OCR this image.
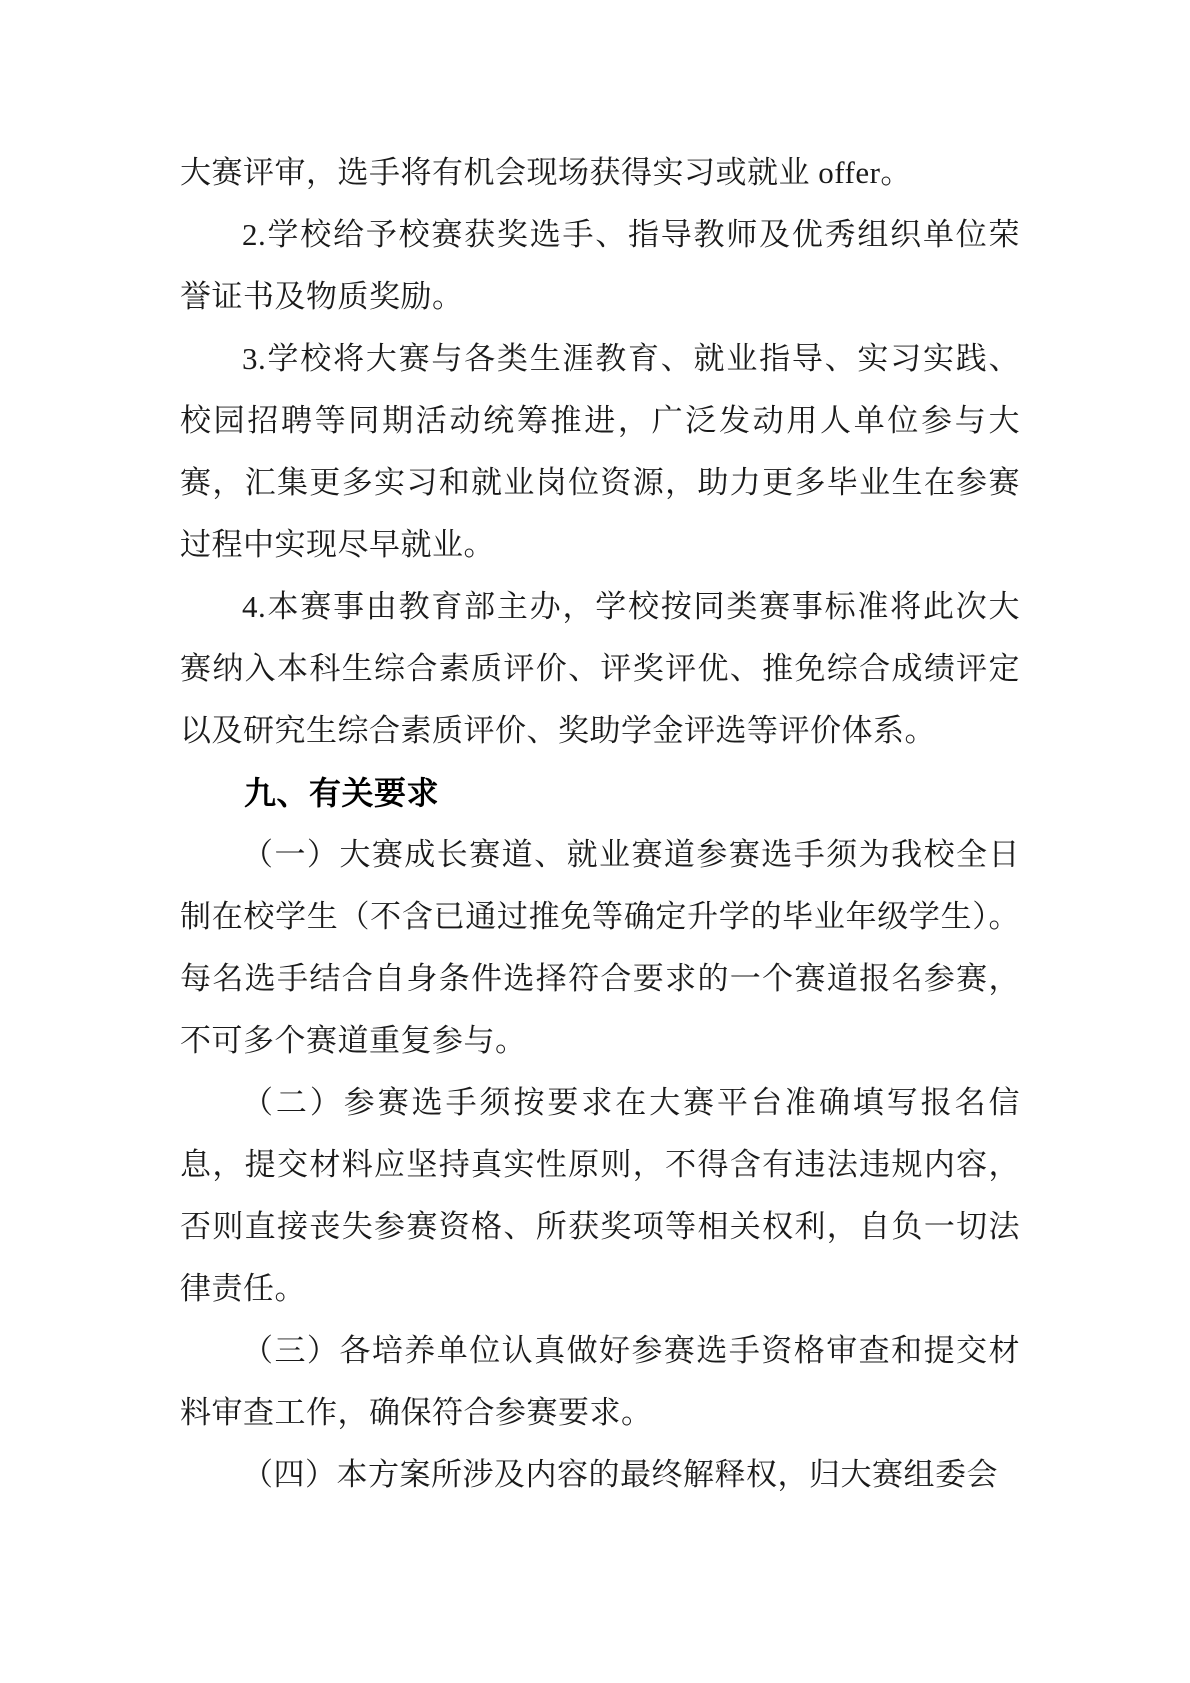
大赛评审，选手将有机会现场获得实习或就业 offer。

2.学校给予校赛获奖选手、指导教师及优秀组织单位荣誉证书及物质奖励。

3.学校将大赛与各类生涯教育、就业指导、实习实践、校园招聘等同期活动统筹推进，广泛发动用人单位参与大赛，汇集更多实习和就业岗位资源，助力更多毕业生在参赛过程中实现尽早就业。

4.本赛事由教育部主办，学校按同类赛事标准将此次大赛纳入本科生综合素质评价、评奖评优、推免综合成绩评定以及研究生综合素质评价、奖助学金评选等评价体系。

九、有关要求

（一）大赛成长赛道、就业赛道参赛选手须为我校全日制在校学生（不含已通过推免等确定升学的毕业年级学生）。每名选手结合自身条件选择符合要求的一个赛道报名参赛，不可多个赛道重复参与。

（二）参赛选手须按要求在大赛平台准确填写报名信息，提交材料应坚持真实性原则，不得含有违法违规内容，否则直接丧失参赛资格、所获奖项等相关权利，自负一切法律责任。

（三）各培养单位认真做好参赛选手资格审查和提交材料审查工作，确保符合参赛要求。

（四）本方案所涉及内容的最终解释权，归大赛组委会
